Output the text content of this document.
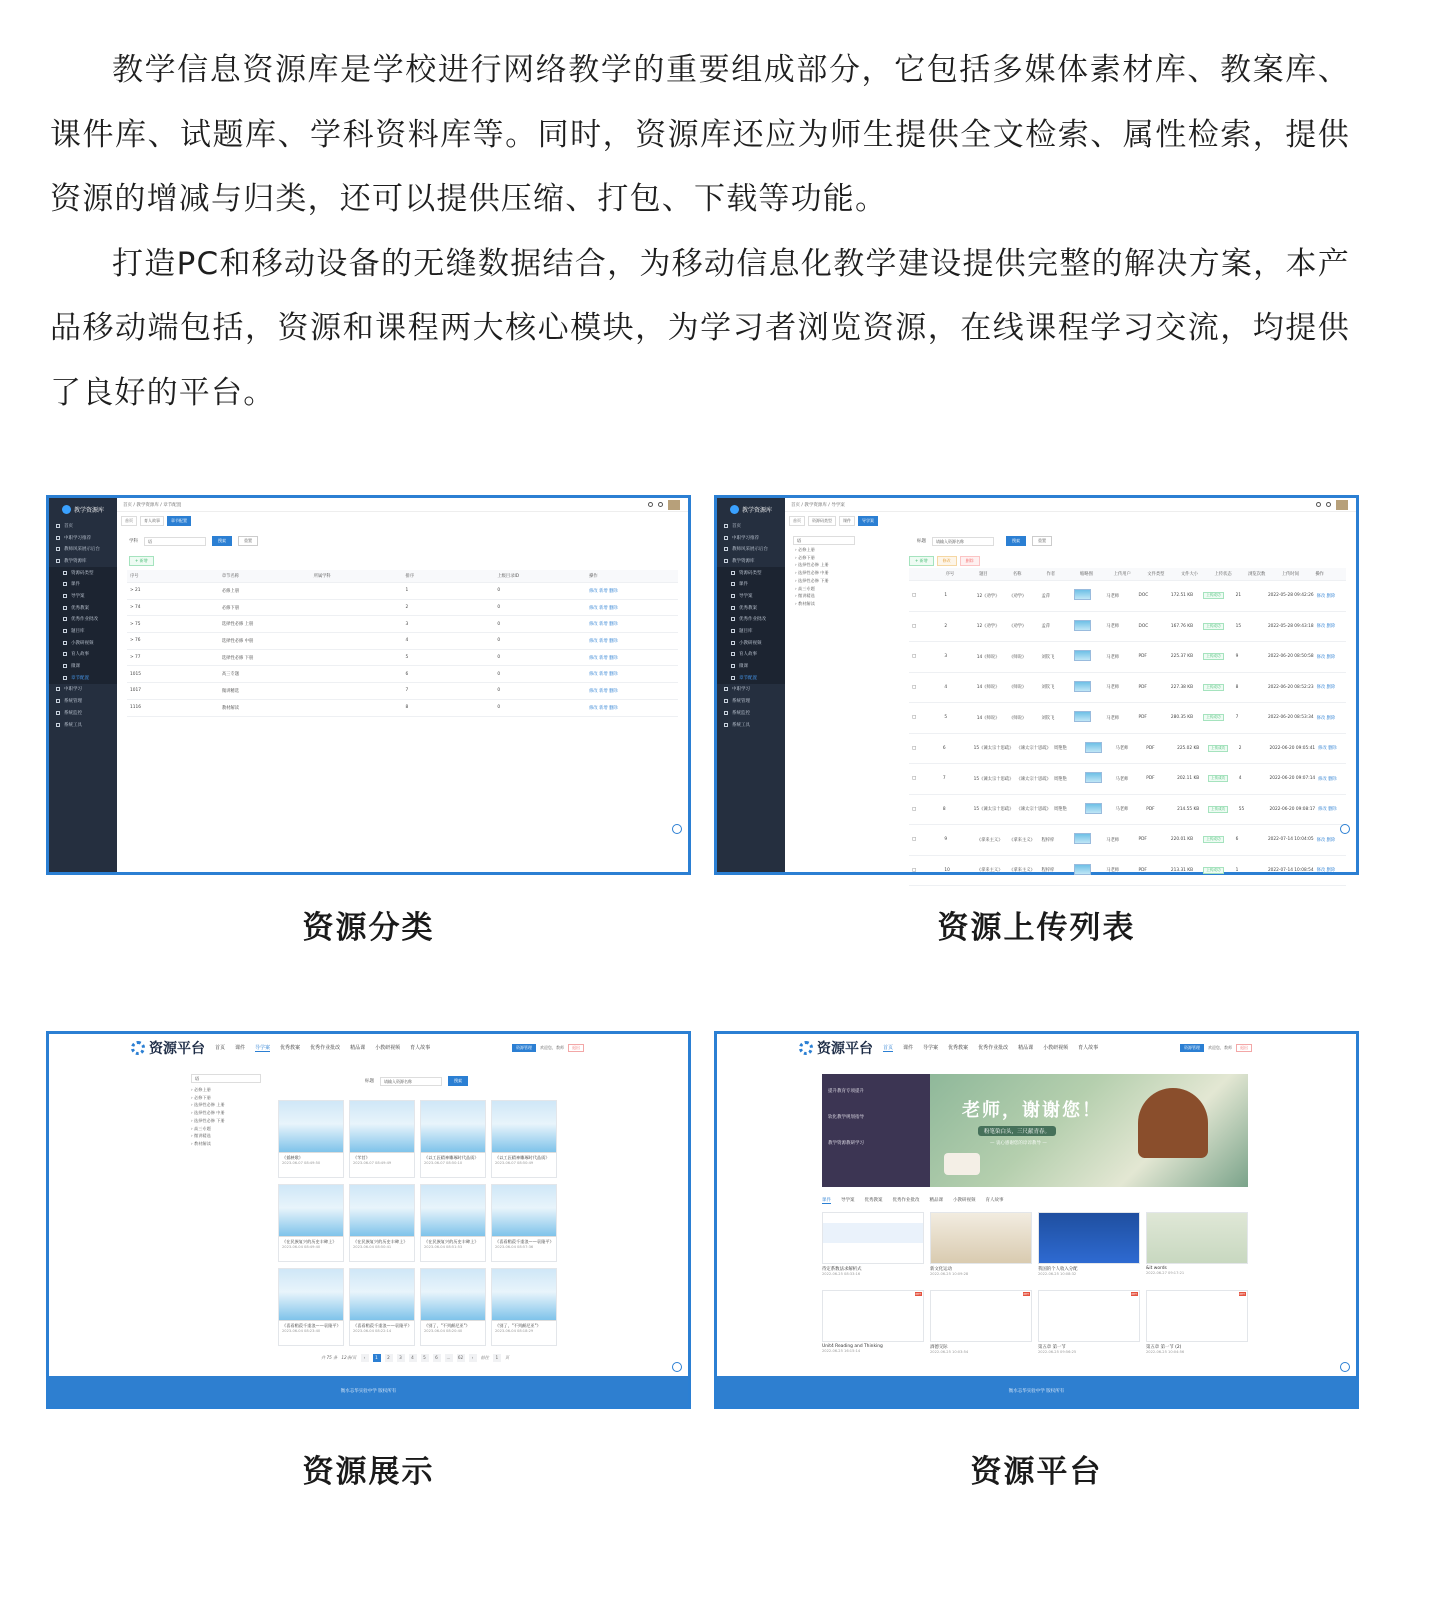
教学信息资源库是学校进行网络教学的重要组成部分，它包括多媒体素材库、教案库、课件库、试题库、学科资料库等。同时，资源库还应为师生提供全文检索、属性检索，提供资源的增减与归类，还可以提供压缩、打包、下载等功能。

打造PC和移动设备的无缝数据结合，为移动信息化教学建设提供完整的解决方案，本产品移动端包括，资源和课程两大核心模块，为学习者浏览资源，在线课程学习交流，均提供了良好的平台。

教学资源库
首页
中职学习推荐
教师风采展示后台
教学资源库
资源码类型
课件
导学案
优秀教案
优秀作业批改
题目库
小教研视频
育人故事
微课
章节配置
中职学习
系统管理
系统监控
系统工具
首页 / 教学资源库 / 章节配置
首页	育人故事	章节配置
学科	语	搜索	重置
+ 新增
序号	章节名称	所属学科	排序	上级目录ID	操作
> 21	必修上册	1	0	修改 新增 删除
> 74	必修下册	2	0	修改 新增 删除
> 75	选择性必修 上册	3	0	修改 新增 删除
> 76	选择性必修 中册	4	0	修改 新增 删除
> 77	选择性必修 下册	5	0	修改 新增 删除
1015	高三专题	6	0	修改 新增 删除
1017	微讲精选	7	0	修改 新增 删除
1116	教材解读	8	0	修改 新增 删除
资源分类
教学资源库
首页
中职学习推荐
教师风采展示后台
教学资源库
资源码类型
课件
导学案
优秀教案
优秀作业批改
题目库
小教研视频
育人故事
微课
章节配置
中职学习
系统管理
系统监控
系统工具
首页 / 教学资源库 / 导学案
首页	资源码类型	课件	导学案
语
› 必修上册
› 必修下册
› 选择性必修 上册
› 选择性必修 中册
› 选择性必修 下册
› 高三专题
› 微讲精选
› 教材解读
标题	请输入资源名称	搜索	重置
+ 新增	修改	删除
序号	题目	名称	作者	缩略图	上传用户	文件类型	文件大小	上传状态	浏览次数	上传时间	操作
□	1	12《劝学》	《劝学》	孟萍	马老师	DOC	172.51 KB	上传成功	21	2022-05-28 09:42:26 修改 删除
□	2	12《劝学》	《劝学》	孟萍	马老师	DOC	167.76 KB	上传成功	15	2022-05-28 09:43:18 修改 删除
□	3	14《师说》	《师说》	刘钦飞	马老师	PDF	225.37 KB	上传成功	9	2022-06-20 08:50:58 修改 删除
□	4	14《师说》	《师说》	刘钦飞	马老师	PDF	227.38 KB	上传成功	8	2022-06-20 08:52:23 修改 删除
□	5	14《师说》	《师说》	刘钦飞	马老师	PDF	280.35 KB	上传成功	7	2022-06-20 08:53:34 修改 删除
□	6	15《谏太宗十思疏》 《谏太宗十思疏》 周艳艳	马老师	PDF	225.02 KB	上传成功	2	2022-06-20 09:05:41 修改 删除
□	7	15《谏太宗十思疏》 《谏太宗十思疏》 周艳艳	马老师	PDF	202.11 KB	上传成功	4	2022-06-20 09:07:14 修改 删除
□	8	15《谏太宗十思疏》 《谏太宗十思疏》 周艳艳	马老师	PDF	214.55 KB	上传成功	55	2022-06-20 09:08:17 修改 删除
□	9	《拿来主义》	《拿来主义》	程梓梓	马老师	PDF	220.01 KB	上传成功	6	2022-07-14 10:04:05 修改 删除
□	10	《拿来主义》	《拿来主义》	程梓梓	马老师	PDF	213.31 KB	上传成功	1	2022-07-14 10:08:54 修改 删除
资源上传列表
资源平台 首页 课件 导学案 优秀教案 优秀作业批改 精品课 小教研视频 育人故事	资源管理	欢迎您，教师	退出
语
› 必修上册
› 必修下册
› 选择性必修 上册
› 选择性必修 中册
› 选择性必修 下册
› 高三专题
› 微讲精选
› 教材解读
标题	请输入资源名称	搜索
《插秧歌》
2023-06-07 08:49:50
《芣苢》
2023-06-07 08:49:49
《以工匠精神雕琢时代品质》
2023-06-07 08:50:10
《以工匠精神雕琢时代品质》
2023-06-07 08:50:49
《在民族复兴的历史丰碑上》
2023-06-04 08:49:40
《在民族复兴的历史丰碑上》
2023-06-04 08:50:41
《在民族复兴的历史丰碑上》
2023-06-04 08:51:53
《喜看稻菽千重浪——袁隆平》
2023-06-04 08:57:36
《喜看稻菽千重浪——袁隆平》
2023-06-04 08:23:40
《喜看稻菽千重浪——袁隆平》
2023-06-04 08:22:14
《别了，"不列颠尼亚"》
2023-06-04 08:20:40
《别了，"不列颠尼亚"》
2023-06-04 08:18:29
共 75 条 12条/页	‹	1	2	3	4	5	6	...	62	›	前往	1	页
衡水志华实验中学 版权所有
资源展示
资源平台 首页 课件 导学案 优秀教案 优秀作业批改 精品课 小教研视频 育人故事	资源管理	欢迎您，教师	退出
提升教育专项提升
软化教学规划指导
教学资源教研学习
老师，谢谢您！
粉笔染白头，三尺献青春。
— 衷心感谢您的谆谆教导 —
课件 导学案 优秀教案 优秀作业批改 精品课 小教研视频 育人故事
待定系数法求解析式
2022-06-25 08:33:16
新文化运动
2022-06-25 10:09:28
我国的个人收入分配
2022-06-25 10:08:32
&it words
2022-06-27 09:17:21
PPT
Unit4 Reading and Thinking
2022-06-25 16:15:14
PPT
酒德交际
2022-06-25 10:03:54
PPT
第五章 第一节
2022-06-25 09:56:25
PPT
第五章 第一节 (2)
2022-06-25 10:04:56
衡水志华实验中学 版权所有
资源平台
